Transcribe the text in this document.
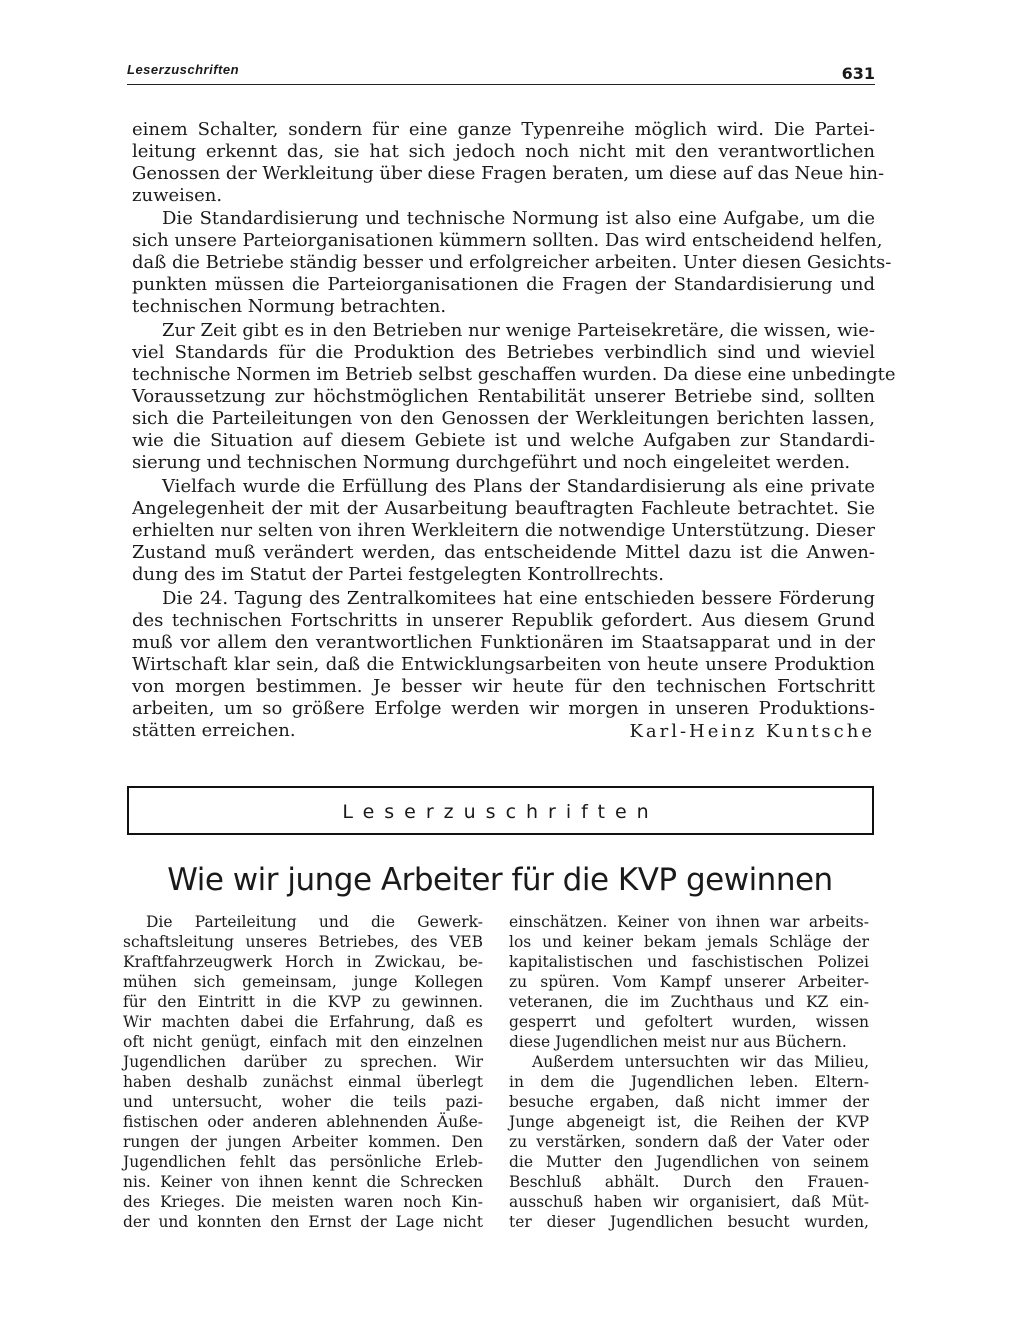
Leserzuschriften	631
einem Schalter, sondern für eine ganze Typenreihe möglich wird. Die Partei-
leitung erkennt das, sie hat sich jedoch noch nicht mit den verantwortlichen
Genossen der Werkleitung über diese Fragen beraten, um diese auf das Neue hin-
zuweisen.
Die Standardisierung und technische Normung ist also eine Aufgabe, um die
sich unsere Parteiorganisationen kümmern sollten. Das wird entscheidend helfen,
daß die Betriebe ständig besser und erfolgreicher arbeiten. Unter diesen Gesichts-
punkten müssen die Parteiorganisationen die Fragen der Standardisierung und
technischen Normung betrachten.
Zur Zeit gibt es in den Betrieben nur wenige Parteisekretäre, die wissen, wie-
viel Standards für die Produktion des Betriebes verbindlich sind und wieviel
technische Normen im Betrieb selbst geschaffen wurden. Da diese eine unbedingte
Voraussetzung zur höchstmöglichen Rentabilität unserer Betriebe sind, sollten
sich die Parteileitungen von den Genossen der Werkleitungen berichten lassen,
wie die Situation auf diesem Gebiete ist und welche Aufgaben zur Standardi-
sierung und technischen Normung durchgeführt und noch eingeleitet werden.
Vielfach wurde die Erfüllung des Plans der Standardisierung als eine private
Angelegenheit der mit der Ausarbeitung beauftragten Fachleute betrachtet. Sie
erhielten nur selten von ihren Werkleitern die notwendige Unterstützung. Dieser
Zustand muß verändert werden, das entscheidende Mittel dazu ist die Anwen-
dung des im Statut der Partei festgelegten Kontrollrechts.
Die 24. Tagung des Zentralkomitees hat eine entschieden bessere Förderung
des technischen Fortschritts in unserer Republik gefordert. Aus diesem Grund
muß vor allem den verantwortlichen Funktionären im Staatsapparat und in der
Wirtschaft klar sein, daß die Entwicklungsarbeiten von heute unsere Produktion
von morgen bestimmen. Je besser wir heute für den technischen Fortschritt
arbeiten, um so größere Erfolge werden wir morgen in unseren Produktions-
stätten erreichen.	Karl-Heinz Kuntsche
Leserzuschriften
Wie wir junge Arbeiter für die KVP gewinnen
Die Parteileitung und die Gewerk-
schaftsleitung unseres Betriebes, des VEB
Kraftfahrzeugwerk Horch in Zwickau, be-
mühen sich gemeinsam, junge Kollegen
für den Eintritt in die KVP zu gewinnen.
Wir machten dabei die Erfahrung, daß es
oft nicht genügt, einfach mit den einzelnen
Jugendlichen darüber zu sprechen. Wir
haben deshalb zunächst einmal überlegt
und untersucht, woher die teils pazi-
fistischen oder anderen ablehnenden Äuße-
rungen der jungen Arbeiter kommen. Den
Jugendlichen fehlt das persönliche Erleb-
nis. Keiner von ihnen kennt die Schrecken
des Krieges. Die meisten waren noch Kin-
der und konnten den Ernst der Lage nicht
einschätzen. Keiner von ihnen war arbeits-
los und keiner bekam jemals Schläge der
kapitalistischen und faschistischen Polizei
zu spüren. Vom Kampf unserer Arbeiter-
veteranen, die im Zuchthaus und KZ ein-
gesperrt und gefoltert wurden, wissen
diese Jugendlichen meist nur aus Büchern.
Außerdem untersuchten wir das Milieu,
in dem die Jugendlichen leben. Eltern-
besuche ergaben, daß nicht immer der
Junge abgeneigt ist, die Reihen der KVP
zu verstärken, sondern daß der Vater oder
die Mutter den Jugendlichen von seinem
Beschluß abhält. Durch den Frauen-
ausschuß haben wir organisiert, daß Müt-
ter dieser Jugendlichen besucht wurden,
